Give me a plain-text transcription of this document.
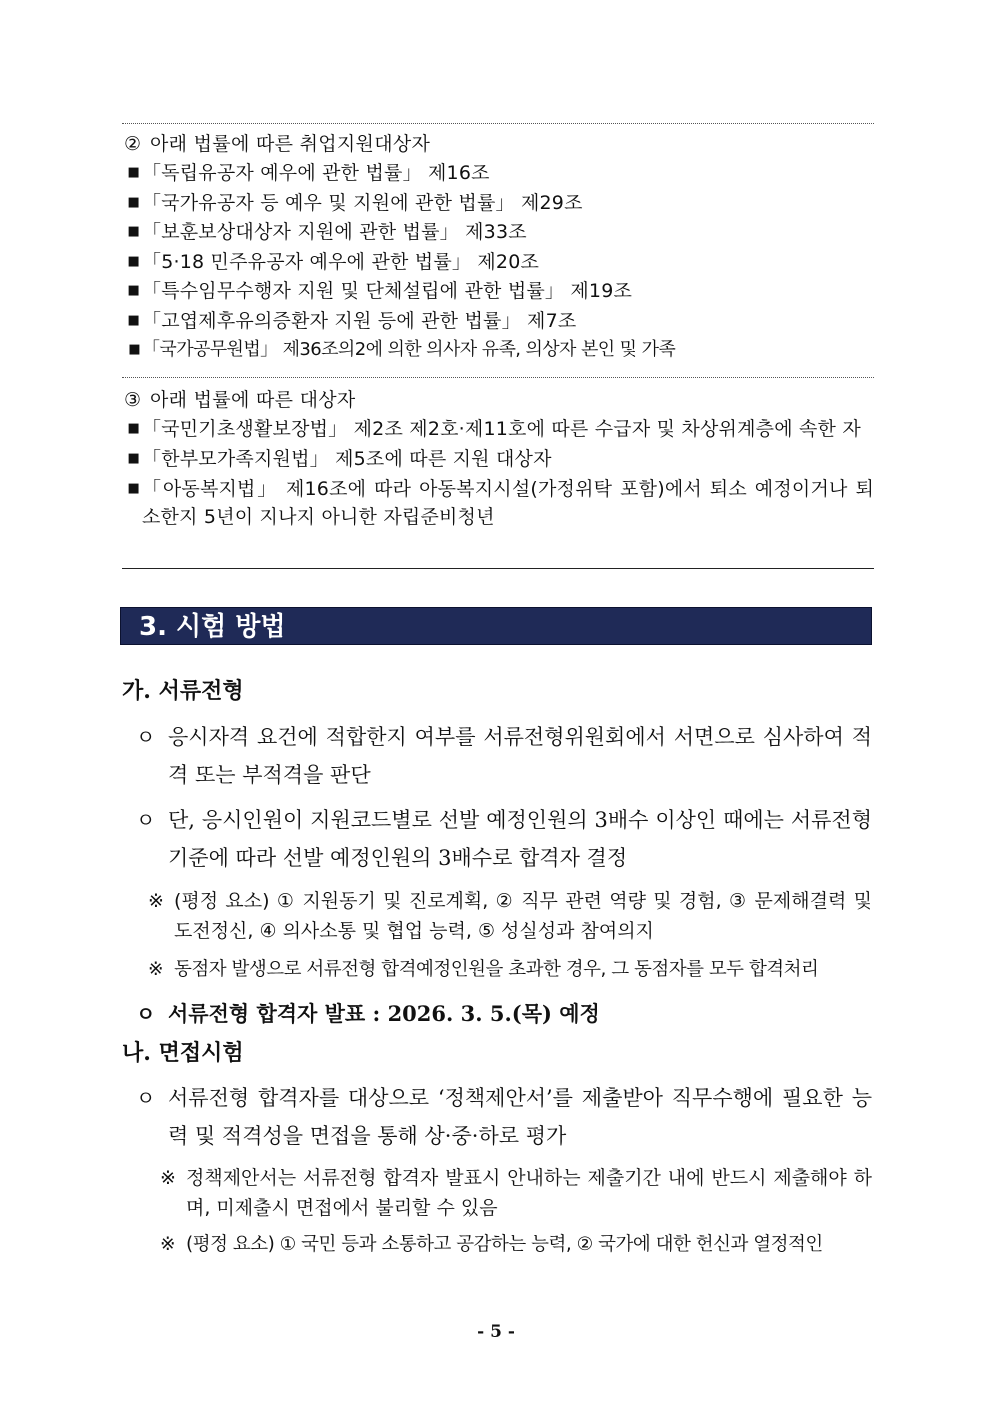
② 아래 법률에 따른 취업지원대상자
■ 「독립유공자 예우에 관한 법률」 제16조
■ 「국가유공자 등 예우 및 지원에 관한 법률」 제29조
■ 「보훈보상대상자 지원에 관한 법률」 제33조
■ 「5·18 민주유공자 예우에 관한 법률」 제20조
■ 「특수임무수행자 지원 및 단체설립에 관한 법률」 제19조
■ 「고엽제후유의증환자 지원 등에 관한 법률」 제7조
■ 「국가공무원법」 제36조의2에 의한 의사자 유족, 의상자 본인 및 가족
③ 아래 법률에 따른 대상자
■ 「국민기초생활보장법」 제2조 제2호·제11호에 따른 수급자 및 차상위계층에 속한 자
■ 「한부모가족지원법」 제5조에 따른 지원 대상자
■ 「아동복지법」 제16조에 따라 아동복지시설(가정위탁 포함)에서 퇴소 예정이거나 퇴소한지 5년이 지나지 아니한 자립준비청년
3. 시험 방법
가. 서류전형
ㅇ 응시자격 요건에 적합한지 여부를 서류전형위원회에서 서면으로 심사하여 적격 또는 부적격을 판단
ㅇ 단, 응시인원이 지원코드별로 선발 예정인원의 3배수 이상인 때에는 서류전형 기준에 따라 선발 예정인원의 3배수로 합격자 결정
※ (평정 요소) ① 지원동기 및 진로계획, ② 직무 관련 역량 및 경험, ③ 문제해결력 및 도전정신, ④ 의사소통 및 협업 능력, ⑤ 성실성과 참여의지
※ 동점자 발생으로 서류전형 합격예정인원을 초과한 경우, 그 동점자를 모두 합격처리
ㅇ 서류전형 합격자 발표 : 2026. 3. 5.(목) 예정
나. 면접시험
ㅇ 서류전형 합격자를 대상으로 ‘정책제안서’를 제출받아 직무수행에 필요한 능력 및 적격성을 면접을 통해 상·중·하로 평가
※ 정책제안서는 서류전형 합격자 발표시 안내하는 제출기간 내에 반드시 제출해야 하며, 미제출시 면접에서 불리할 수 있음
※ (평정 요소) ① 국민 등과 소통하고 공감하는 능력, ② 국가에 대한 헌신과 열정적인
- 5 -
